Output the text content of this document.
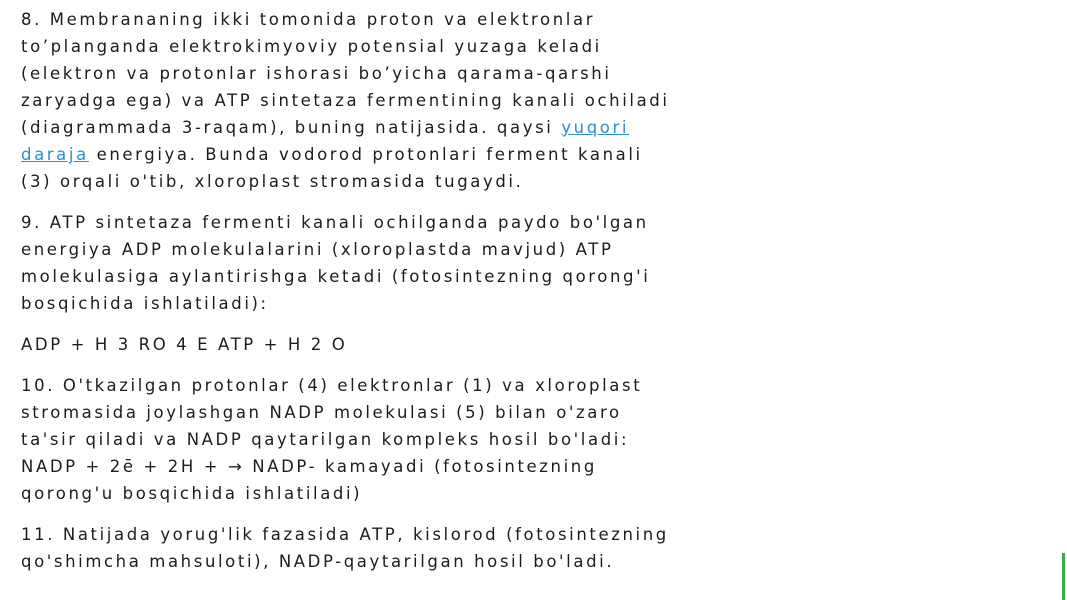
8. Membrananing ikki tomonida proton va elektronlar
to’planganda elektrokimyoviy potensial yuzaga keladi
(elektron va protonlar ishorasi bo’yicha qarama-qarshi
zaryadga ega) va ATP sintetaza fermentining kanali ochiladi
(diagrammada 3-raqam), buning natijasida. qaysi yuqori
daraja energiya. Bunda vodorod protonlari ferment kanali
(3) orqali o'tib, xloroplast stromasida tugaydi.
9. ATP sintetaza fermenti kanali ochilganda paydo bo'lgan
energiya ADP molekulalarini (xloroplastda mavjud) ATP
molekulasiga aylantirishga ketadi (fotosintezning qorong'i
bosqichida ishlatiladi):
ADP + H 3 RO 4 E ATP + H 2 O
10. O'tkazilgan protonlar (4) elektronlar (1) va xloroplast
stromasida joylashgan NADP molekulasi (5) bilan o'zaro
ta'sir qiladi va NADP qaytarilgan kompleks hosil bo'ladi:
NADP + 2ē + 2H + → NADP- kamayadi (fotosintezning
qorong'u bosqichida ishlatiladi)
11. Natijada yorug'lik fazasida ATP, kislorod (fotosintezning
qo'shimcha mahsuloti), NADP-qaytarilgan hosil bo'ladi.
